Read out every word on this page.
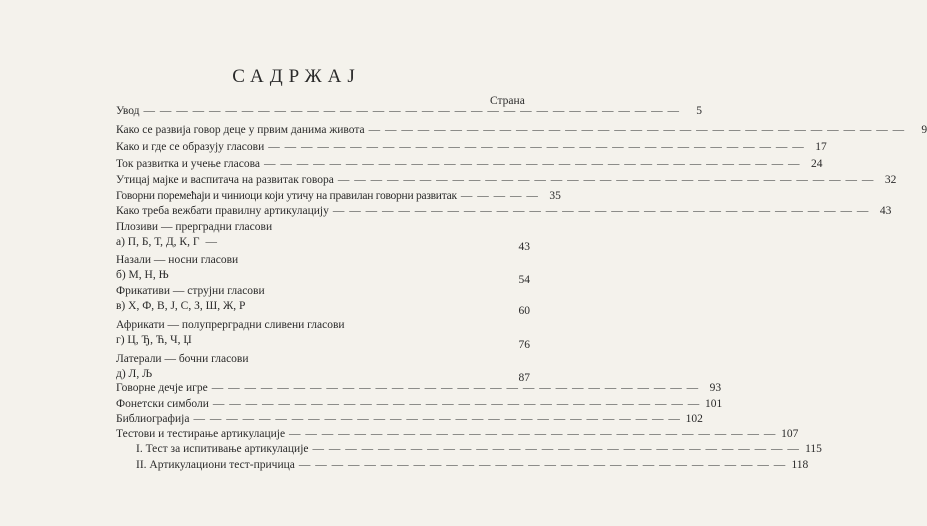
САДРЖАЈ
Страна
Увод — — — — — — — — — — — — — — — — — — — — — — — — — — — — — — — — —	5
Како се развија говор деце у првим данима живота — — — — — — — — — — — — — — — — — — — — — — — — — — — — — — — — —	9
Како и где се образују гласови — — — — — — — — — — — — — — — — — — — — — — — — — — — — — — — — — 17
Ток развитка и учење гласова — — — — — — — — — — — — — — — — — — — — — — — — — — — — — — — — — 24
Утицај мајке и васпитача на развитак говора — — — — — — — — — — — — — — — — — — — — — — — — — — — — — — — — — 32
Говорни поремећаји и чиниоци који утичу на правилан говорни развитак — — — — — 35
Како треба вежбати правилну артикулацију — — — — — — — — — — — — — — — — — — — — — — — — — — — — — — — — — 43
Плозиви — прерградни гласови
а) П, Б, Т, Д, К, Г —	43
Назали — носни гласови
б) М, Н, Њ	54
Фрикативи — струјни гласови
в) Х, Ф, В, Ј, С, З, Ш, Ж, Р	60
Африкати — полупрерградни сливени гласови
г) Ц, Ђ, Ћ, Ч, Џ	76
Латерали — бочни гласови
д) Л, Љ	87
Говорне дечје игре — — — — — — — — — — — — — — — — — — — — — — — — — — — — — — 93
Фонетски симболи — — — — — — — — — — — — — — — — — — — — — — — — — — — — — — 101
Библиографија — — — — — — — — — — — — — — — — — — — — — — — — — — — — — — 102
Тестови и тестирање артикулације — — — — — — — — — — — — — — — — — — — — — — — — — — — — — — 107
I. Тест за испитивање артикулације — — — — — — — — — — — — — — — — — — — — — — — — — — — — — — 115
II. Артикулациони тест-причица — — — — — — — — — — — — — — — — — — — — — — — — — — — — — — 118
